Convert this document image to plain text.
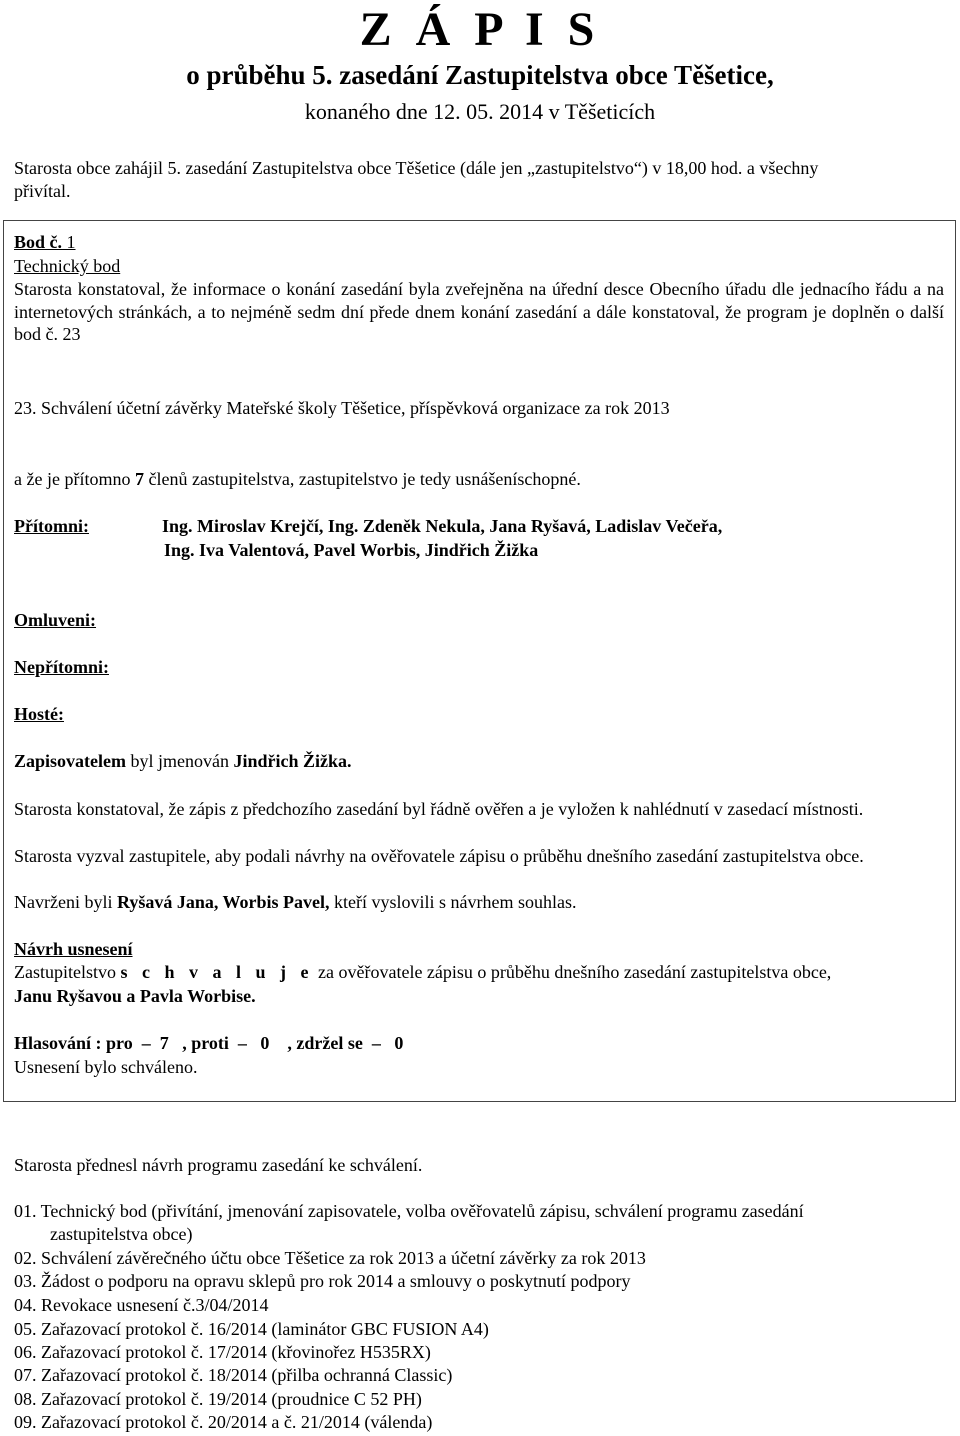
Z Á P I S
o průběhu 5. zasedání Zastupitelstva obce Těšetice,
konaného dne 12. 05. 2014 v Těšeticích
Starosta obce zahájil 5. zasedání Zastupitelstva obce Těšetice (dále jen „zastupitelstvo“) v 18,00 hod. a všechny
přivítal.
Bod č. 1
Technický bod
Starosta konstatoval, že informace o konání zasedání byla zveřejněna na úřední desce Obecního úřadu dle jednacího řádu a na internetových stránkách, a to nejméně sedm dní přede dnem konání zasedání a dále konstatoval, že program je doplněn o další bod č. 23
23. Schválení účetní závěrky Mateřské školy Těšetice, příspěvková organizace za rok 2013
a že je přítomno 7 členů zastupitelstva, zastupitelstvo je tedy usnášeníschopné.
Přítomni:	Ing. Miroslav Krejčí, Ing. Zdeněk Nekula, Jana Ryšavá, Ladislav Večeřa,
Ing. Iva Valentová, Pavel Worbis, Jindřich Žižka
Omluveni:
Nepřítomni:
Hosté:
Zapisovatelem byl jmenován Jindřich Žižka.
Starosta konstatoval, že zápis z předchozího zasedání byl řádně ověřen a je vyložen k nahlédnutí v zasedací místnosti.
Starosta vyzval zastupitele, aby podali návrhy na ověřovatele zápisu o průběhu dnešního zasedání zastupitelstva obce.
Navrženi byli Ryšavá Jana, Worbis Pavel, kteří vyslovili s návrhem souhlas.
Návrh usnesení
Zastupitelstvo s c h v a l u j e za ověřovatele zápisu o průběhu dnešního zasedání zastupitelstva obce,
Janu Ryšavou a Pavla Worbise.
Hlasování : pro  –  7   , proti  –   0    , zdržel se  –   0
Usnesení bylo schváleno.
Starosta přednesl návrh programu zasedání ke schválení.
01. Technický bod (přivítání, jmenování zapisovatele, volba ověřovatelů zápisu, schválení programu zasedání
zastupitelstva obce)
02. Schválení závěrečného účtu obce Těšetice za rok 2013 a účetní závěrky za rok 2013
03. Žádost o podporu na opravu sklepů pro rok 2014 a smlouvy o poskytnutí podpory
04. Revokace usnesení č.3/04/2014
05. Zařazovací protokol č. 16/2014 (laminátor GBC FUSION A4)
06. Zařazovací protokol č. 17/2014 (křovinořez H535RX)
07. Zařazovací protokol č. 18/2014 (přilba ochranná Classic)
08. Zařazovací protokol č. 19/2014 (proudnice C 52 PH)
09. Zařazovací protokol č. 20/2014 a č. 21/2014 (válenda)
